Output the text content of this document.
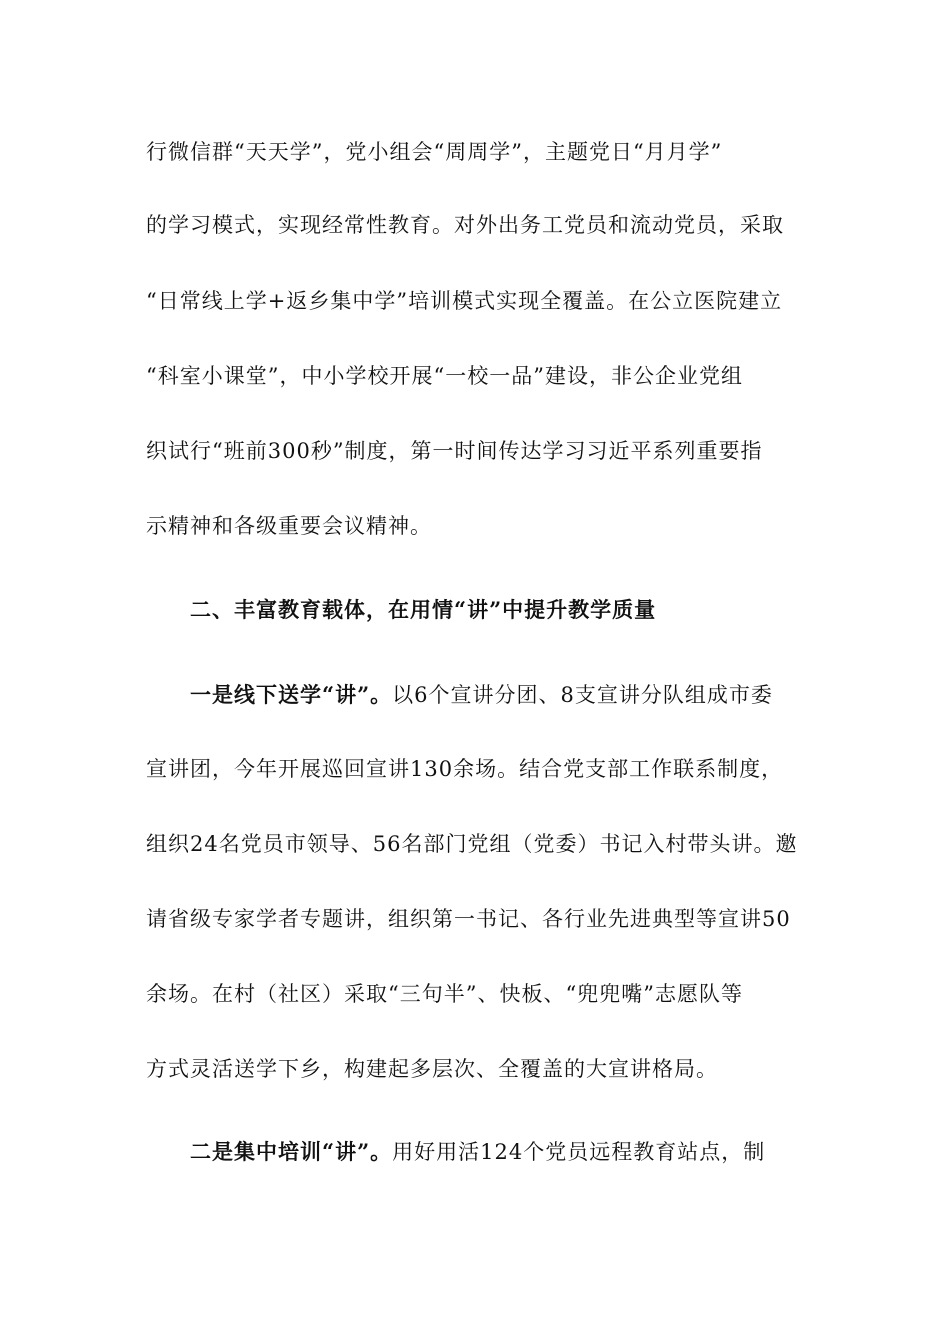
行微信群“天天学”，党小组会“周周学”，主题党日“月月学”
的学习模式，实现经常性教育。对外出务工党员和流动党员，采取
“日常线上学+返乡集中学”培训模式实现全覆盖。在公立医院建立
“科室小课堂”，中小学校开展“一校一品”建设，非公企业党组
织试行“班前300秒”制度，第一时间传达学习习近平系列重要指
示精神和各级重要会议精神。
二、丰富教育载体，在用情“讲”中提升教学质量
一是线下送学“讲”。以6个宣讲分团、8支宣讲分队组成市委
宣讲团，今年开展巡回宣讲130余场。结合党支部工作联系制度，
组织24名党员市领导、56名部门党组（党委）书记入村带头讲。邀
请省级专家学者专题讲，组织第一书记、各行业先进典型等宣讲50
余场。在村（社区）采取“三句半”、快板、“兜兜嘴”志愿队等
方式灵活送学下乡，构建起多层次、全覆盖的大宣讲格局。
二是集中培训“讲”。用好用活124个党员远程教育站点，制
